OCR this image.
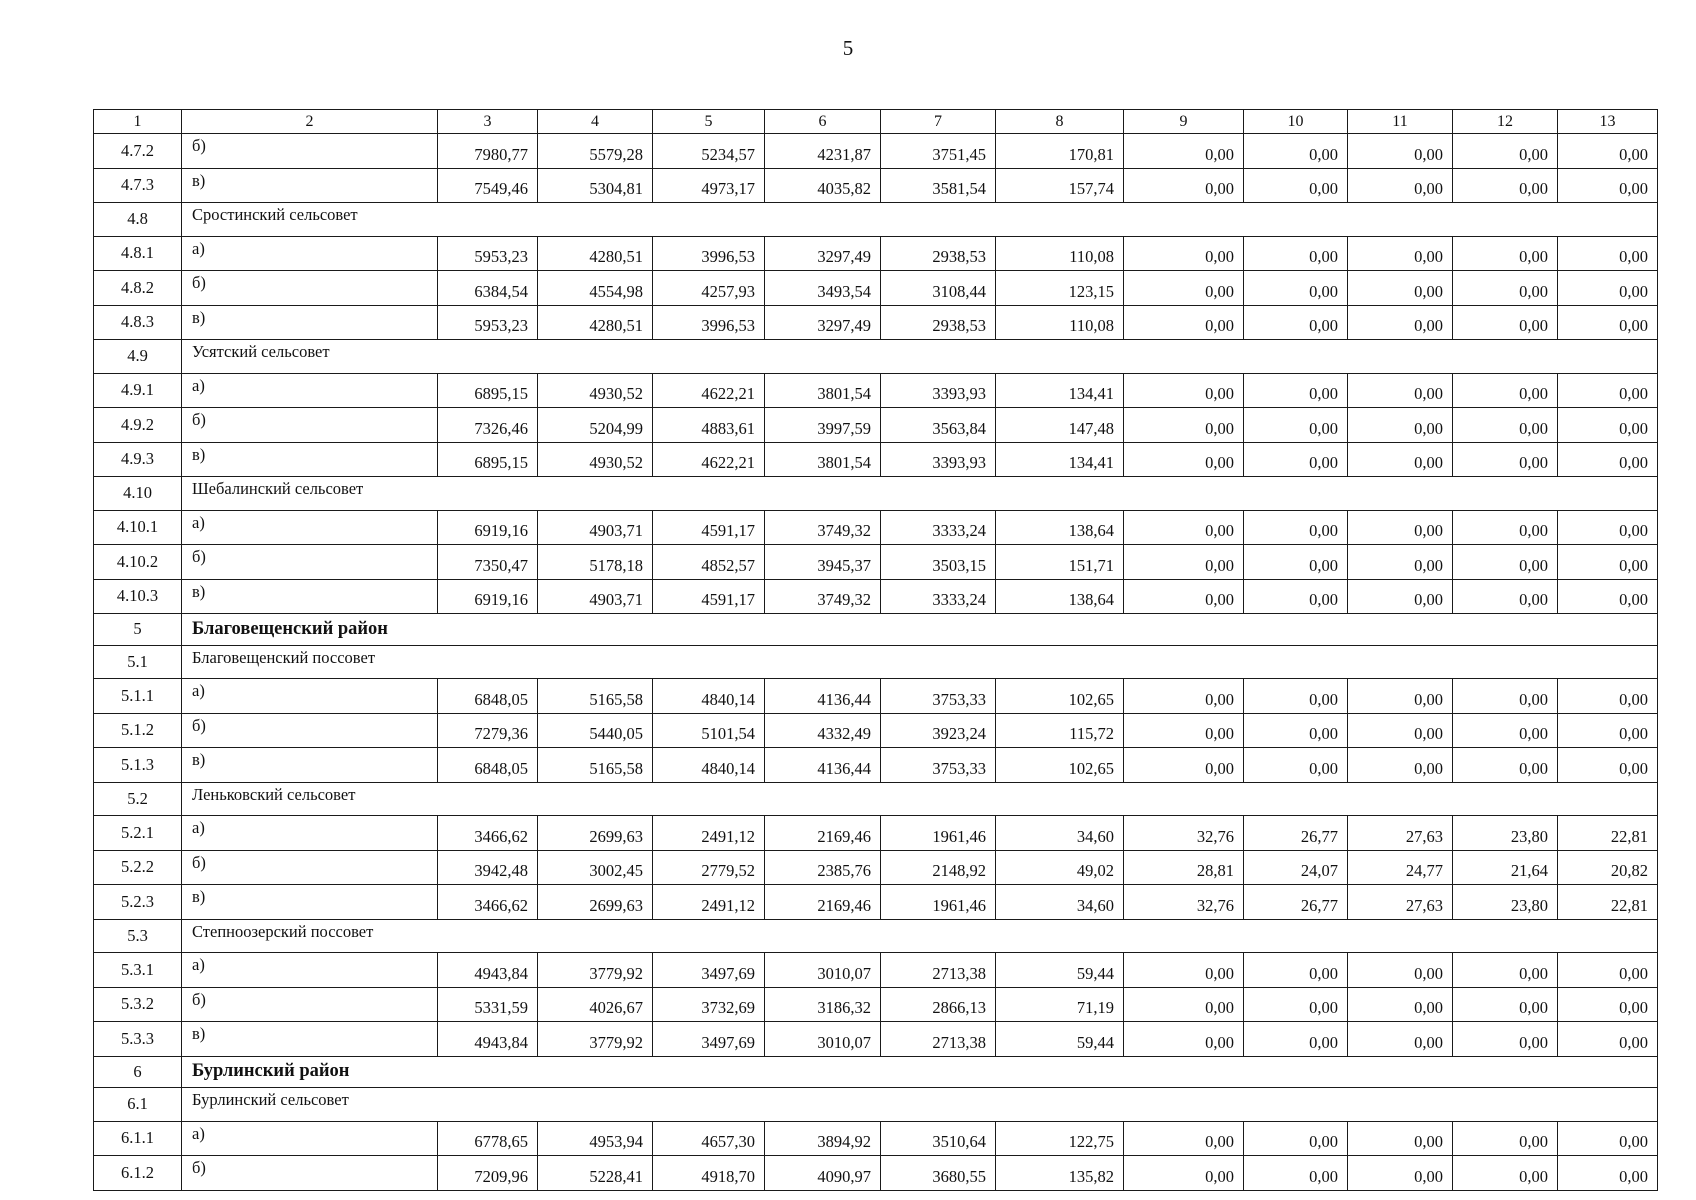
5
1	2	3	4	5	6	7	8	9	10	11	12	13
4.7.2	б)	7980,77	5579,28	5234,57	4231,87	3751,45	170,81	0,00	0,00	0,00	0,00	0,00
4.7.3	в)	7549,46	5304,81	4973,17	4035,82	3581,54	157,74	0,00	0,00	0,00	0,00	0,00
4.8	Сростинский сельсовет											
4.8.1	а)	5953,23	4280,51	3996,53	3297,49	2938,53	110,08	0,00	0,00	0,00	0,00	0,00
4.8.2	б)	6384,54	4554,98	4257,93	3493,54	3108,44	123,15	0,00	0,00	0,00	0,00	0,00
4.8.3	в)	5953,23	4280,51	3996,53	3297,49	2938,53	110,08	0,00	0,00	0,00	0,00	0,00
4.9	Усятский сельсовет											
4.9.1	а)	6895,15	4930,52	4622,21	3801,54	3393,93	134,41	0,00	0,00	0,00	0,00	0,00
4.9.2	б)	7326,46	5204,99	4883,61	3997,59	3563,84	147,48	0,00	0,00	0,00	0,00	0,00
4.9.3	в)	6895,15	4930,52	4622,21	3801,54	3393,93	134,41	0,00	0,00	0,00	0,00	0,00
4.10	Шебалинский сельсовет											
4.10.1	а)	6919,16	4903,71	4591,17	3749,32	3333,24	138,64	0,00	0,00	0,00	0,00	0,00
4.10.2	б)	7350,47	5178,18	4852,57	3945,37	3503,15	151,71	0,00	0,00	0,00	0,00	0,00
4.10.3	в)	6919,16	4903,71	4591,17	3749,32	3333,24	138,64	0,00	0,00	0,00	0,00	0,00
5	Благовещенский район											
5.1	Благовещенский поссовет											
5.1.1	а)	6848,05	5165,58	4840,14	4136,44	3753,33	102,65	0,00	0,00	0,00	0,00	0,00
5.1.2	б)	7279,36	5440,05	5101,54	4332,49	3923,24	115,72	0,00	0,00	0,00	0,00	0,00
5.1.3	в)	6848,05	5165,58	4840,14	4136,44	3753,33	102,65	0,00	0,00	0,00	0,00	0,00
5.2	Леньковский сельсовет											
5.2.1	а)	3466,62	2699,63	2491,12	2169,46	1961,46	34,60	32,76	26,77	27,63	23,80	22,81
5.2.2	б)	3942,48	3002,45	2779,52	2385,76	2148,92	49,02	28,81	24,07	24,77	21,64	20,82
5.2.3	в)	3466,62	2699,63	2491,12	2169,46	1961,46	34,60	32,76	26,77	27,63	23,80	22,81
5.3	Степноозерский поссовет											
5.3.1	а)	4943,84	3779,92	3497,69	3010,07	2713,38	59,44	0,00	0,00	0,00	0,00	0,00
5.3.2	б)	5331,59	4026,67	3732,69	3186,32	2866,13	71,19	0,00	0,00	0,00	0,00	0,00
5.3.3	в)	4943,84	3779,92	3497,69	3010,07	2713,38	59,44	0,00	0,00	0,00	0,00	0,00
6	Бурлинский район											
6.1	Бурлинский сельсовет											
6.1.1	а)	6778,65	4953,94	4657,30	3894,92	3510,64	122,75	0,00	0,00	0,00	0,00	0,00
6.1.2	б)	7209,96	5228,41	4918,70	4090,97	3680,55	135,82	0,00	0,00	0,00	0,00	0,00
